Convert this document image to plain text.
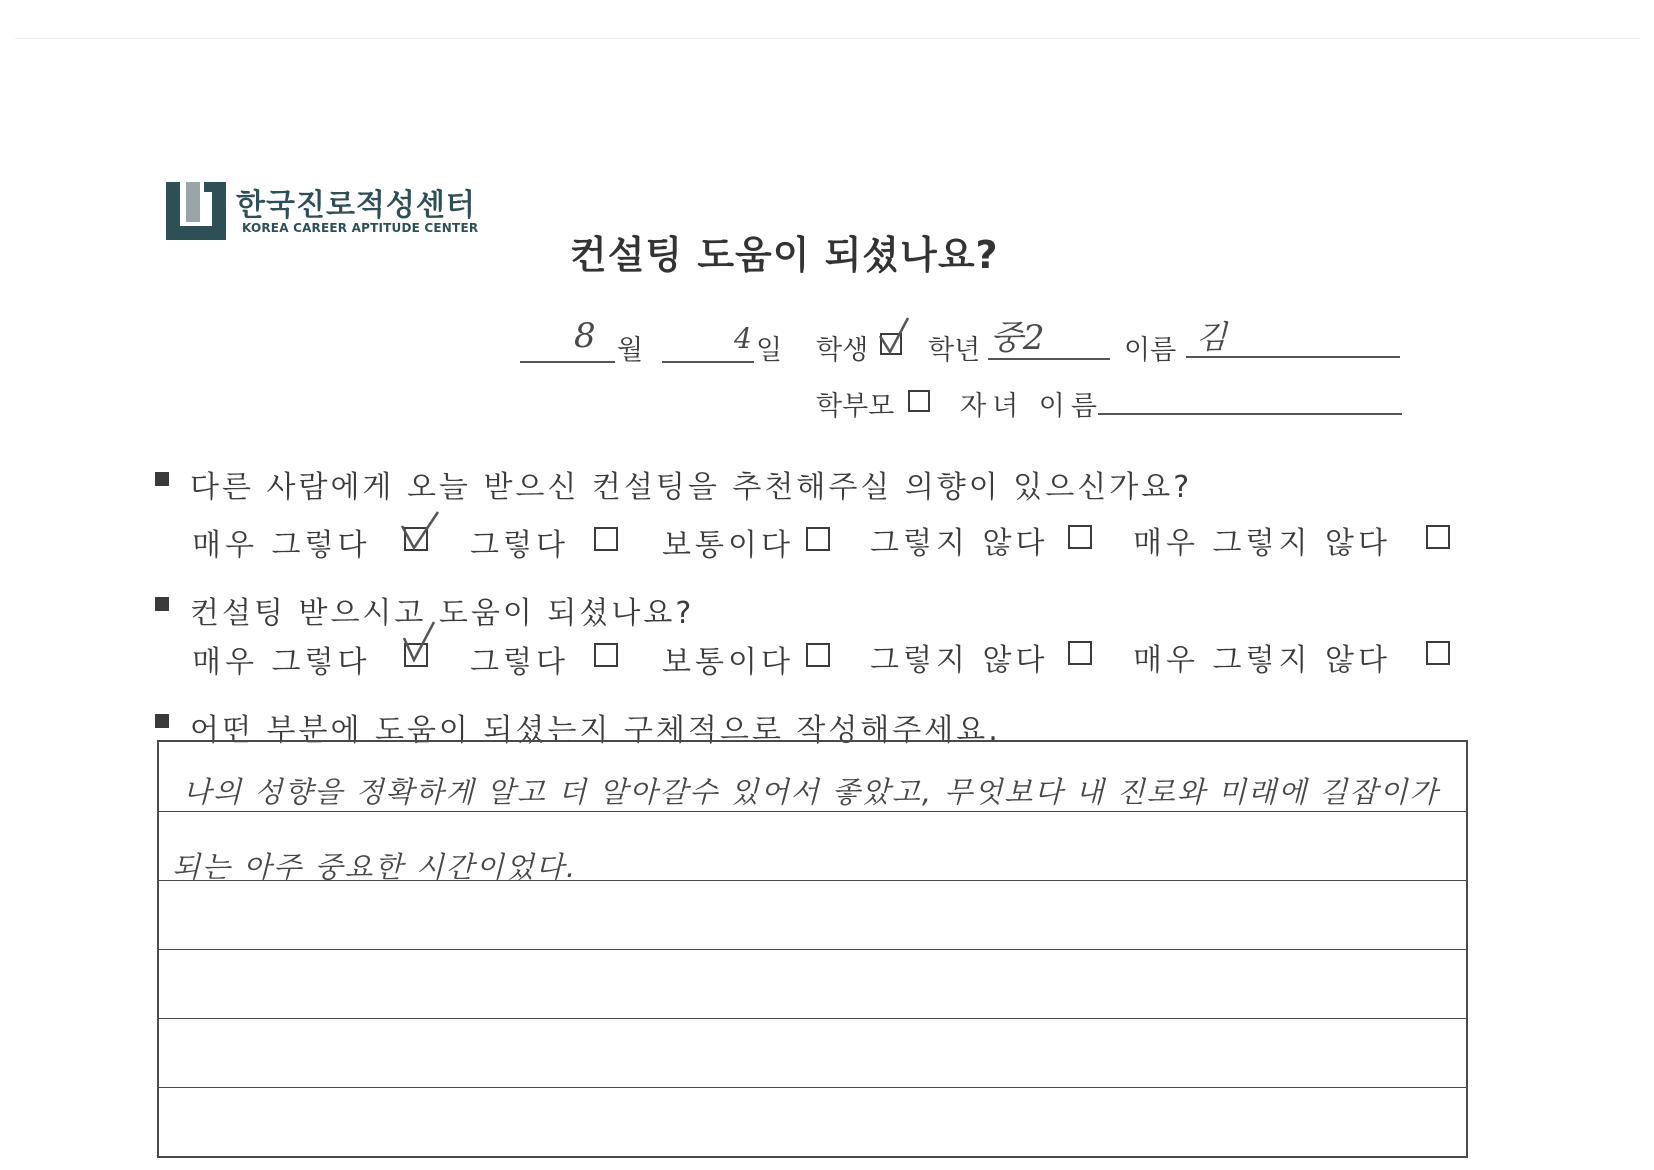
한국진로적성센터
KOREA CAREER APTITUDE CENTER
컨설팅 도움이 되셨나요?
8 월	4 일 학생 학년 중2	이름 김
학부모 자녀 이름
다른 사람에게 오늘 받으신 컨설팅을 추천해주실 의향이 있으신가요?
매우 그렇다	그렇다	보통이다	그렇지 않다	매우 그렇지 않다
컨설팅 받으시고 도움이 되셨나요?
매우 그렇다	그렇다	보통이다	그렇지 않다	매우 그렇지 않다
어떤 부분에 도움이 되셨는지 구체적으로 작성해주세요.
나의 성향을 정확하게 알고 더 알아갈수 있어서 좋았고, 무엇보다 내 진로와 미래에 길잡이가
되는 아주 중요한 시간이었다.
